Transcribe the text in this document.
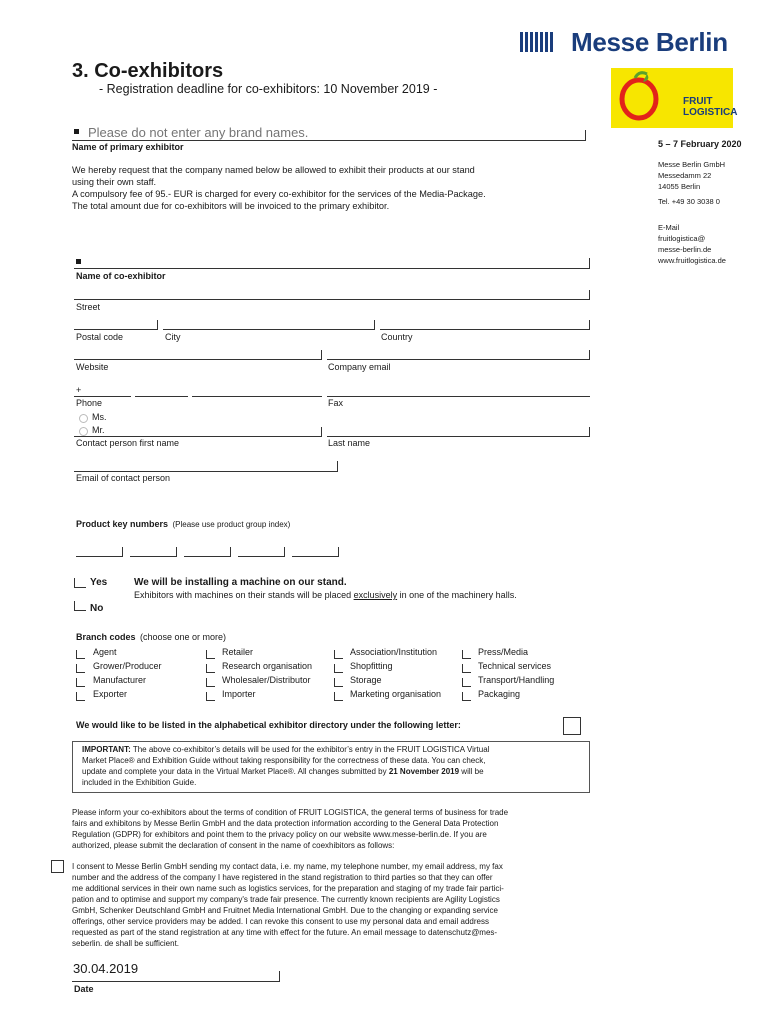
Messe Berlin
3. Co-exhibitors
- Registration deadline for co-exhibitors: 10 November 2019 -
FRUIT
LOGISTICA
5 – 7 February 2020
Messe Berlin GmbH
Messedamm 22
14055 Berlin
Tel. +49 30 3038 0
E-Mail
fruitlogistica@
messe-berlin.de
www.fruitlogistica.de
Please do not enter any brand names.
Name of primary exhibitor
We hereby request that the company named below be allowed to exhibit their products at our stand
using their own staff.
A compulsory fee of 95.- EUR is charged for every co-exhibitor for the services of the Media-Package.
The total amount due for co-exhibitors will be invoiced to the primary exhibitor.
Name of co-exhibitor
Street
Postal code	City	Country
Website	Company email
+
Phone	Fax
Ms.
Mr.
Contact person first name	Last name
Email of contact person
Product key numbers (Please use product group index)
Yes	We will be installing a machine on our stand.
Exhibitors with machines on their stands will be placed exclusively in one of the machinery halls.
No
Branch codes (choose one or more)
Agent
Grower/Producer
Manufacturer
Exporter
Retailer
Research organisation
Wholesaler/Distributor
Importer
Association/Institution
Shopfitting
Storage
Marketing organisation
Press/Media
Technical services
Transport/Handling
Packaging
We would like to be listed in the alphabetical exhibitor directory under the following letter:
IMPORTANT: The above co-exhibitor’s details will be used for the exhibitor’s entry in the FRUIT LOGISTICA Virtual
Market Place® and Exhibition Guide without taking responsibility for the correctness of these data. You can check,
update and complete your data in the Virtual Market Place®. All changes submitted by 21 November 2019 will be
included in the Exhibition Guide.
Please inform your co-exhibitors about the terms of condition of FRUIT LOGISTICA, the general terms of business for trade
fairs and exhibitons by Messe Berlin GmbH and the data protection information according to the General Data Protection
Regulation (GDPR) for exhibitors and point them to the privacy policy on our website www.messe-berlin.de. If you are
authorized, please submit the declaration of consent in the name of coexhibitors as follows:
I consent to Messe Berlin GmbH sending my contact data, i.e. my name, my telephone number, my email address, my fax
number and the address of the company I have registered in the stand registration to third parties so that they can offer
me additional services in their own name such as logistics services, for the preparation and staging of my trade fair partici-
pation and to optimise and support my company's trade fair presence. The currently known recipients are Agility Logistics
GmbH, Schenker Deutschland GmbH and Fruitnet Media International GmbH. Due to the changing or expanding service
offerings, other service providers may be added. I can revoke this consent to use my personal data and email address
requested as part of the stand registration at any time with effect for the future. An email message to datenschutz@mes-
seberlin. de shall be sufficient.
30.04.2019
Date
